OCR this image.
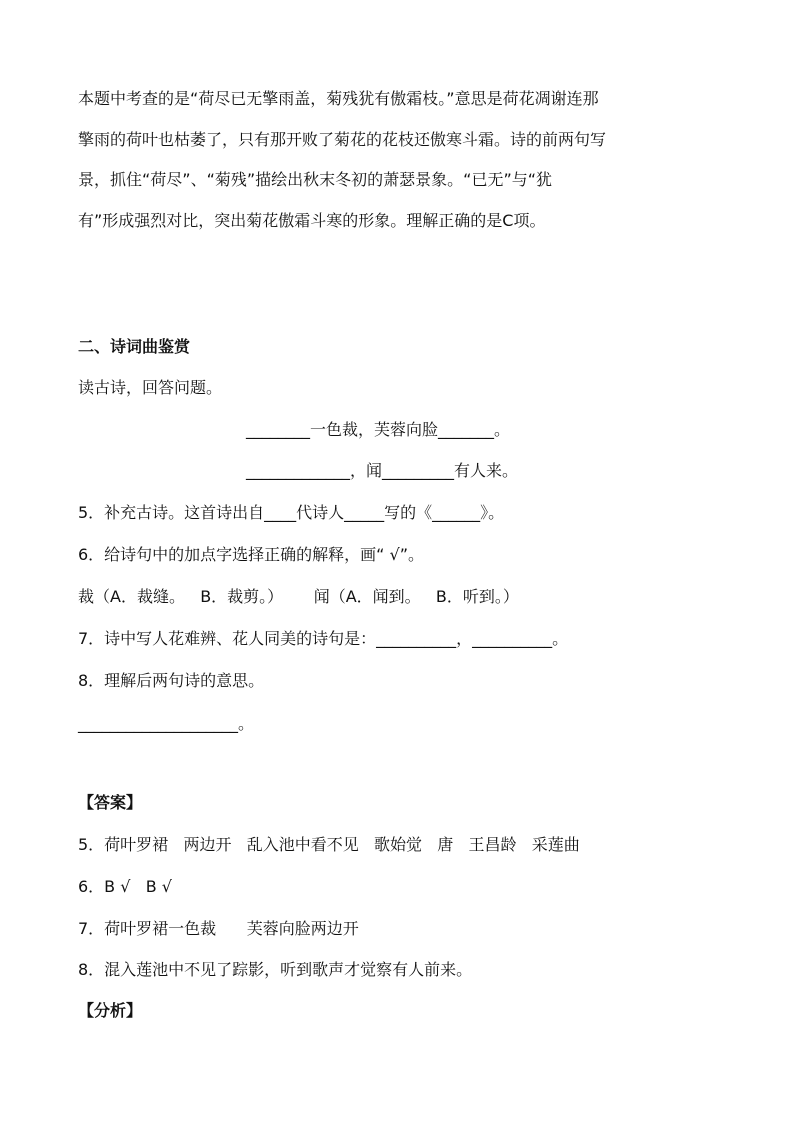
本题中考查的是“荷尽已无擎雨盖，菊残犹有傲霜枝。”意思是荷花凋谢连那
擎雨的荷叶也枯萎了，只有那开败了菊花的花枝还傲寒斗霜。诗的前两句写
景，抓住“荷尽”、“菊残”描绘出秋末冬初的萧瑟景象。“已无”与“犹
有”形成强烈对比，突出菊花傲霜斗寒的形象。理解正确的是C项。
二、诗词曲鉴赏
读古诗，回答问题。
________一色裁，芙蓉向脸_______。
_____________，闻_________有人来。
5．补充古诗。这首诗出自____代诗人_____写的《______》。
6．给诗句中的加点字选择正确的解释，画“ √”。
裁（A．裁缝。   B．裁剪。）      闻（A．闻到。   B．听到。）
7．诗中写人花难辨、花人同美的诗句是：__________，__________。
8．理解后两句诗的意思。
____________________。
【答案】
5．荷叶罗裙   两边开   乱入池中看不见   歌始觉   唐   王昌龄   采莲曲
6．B √   B √
7．荷叶罗裙一色裁      芙蓉向脸两边开
8．混入莲池中不见了踪影，听到歌声才觉察有人前来。
【分析】
